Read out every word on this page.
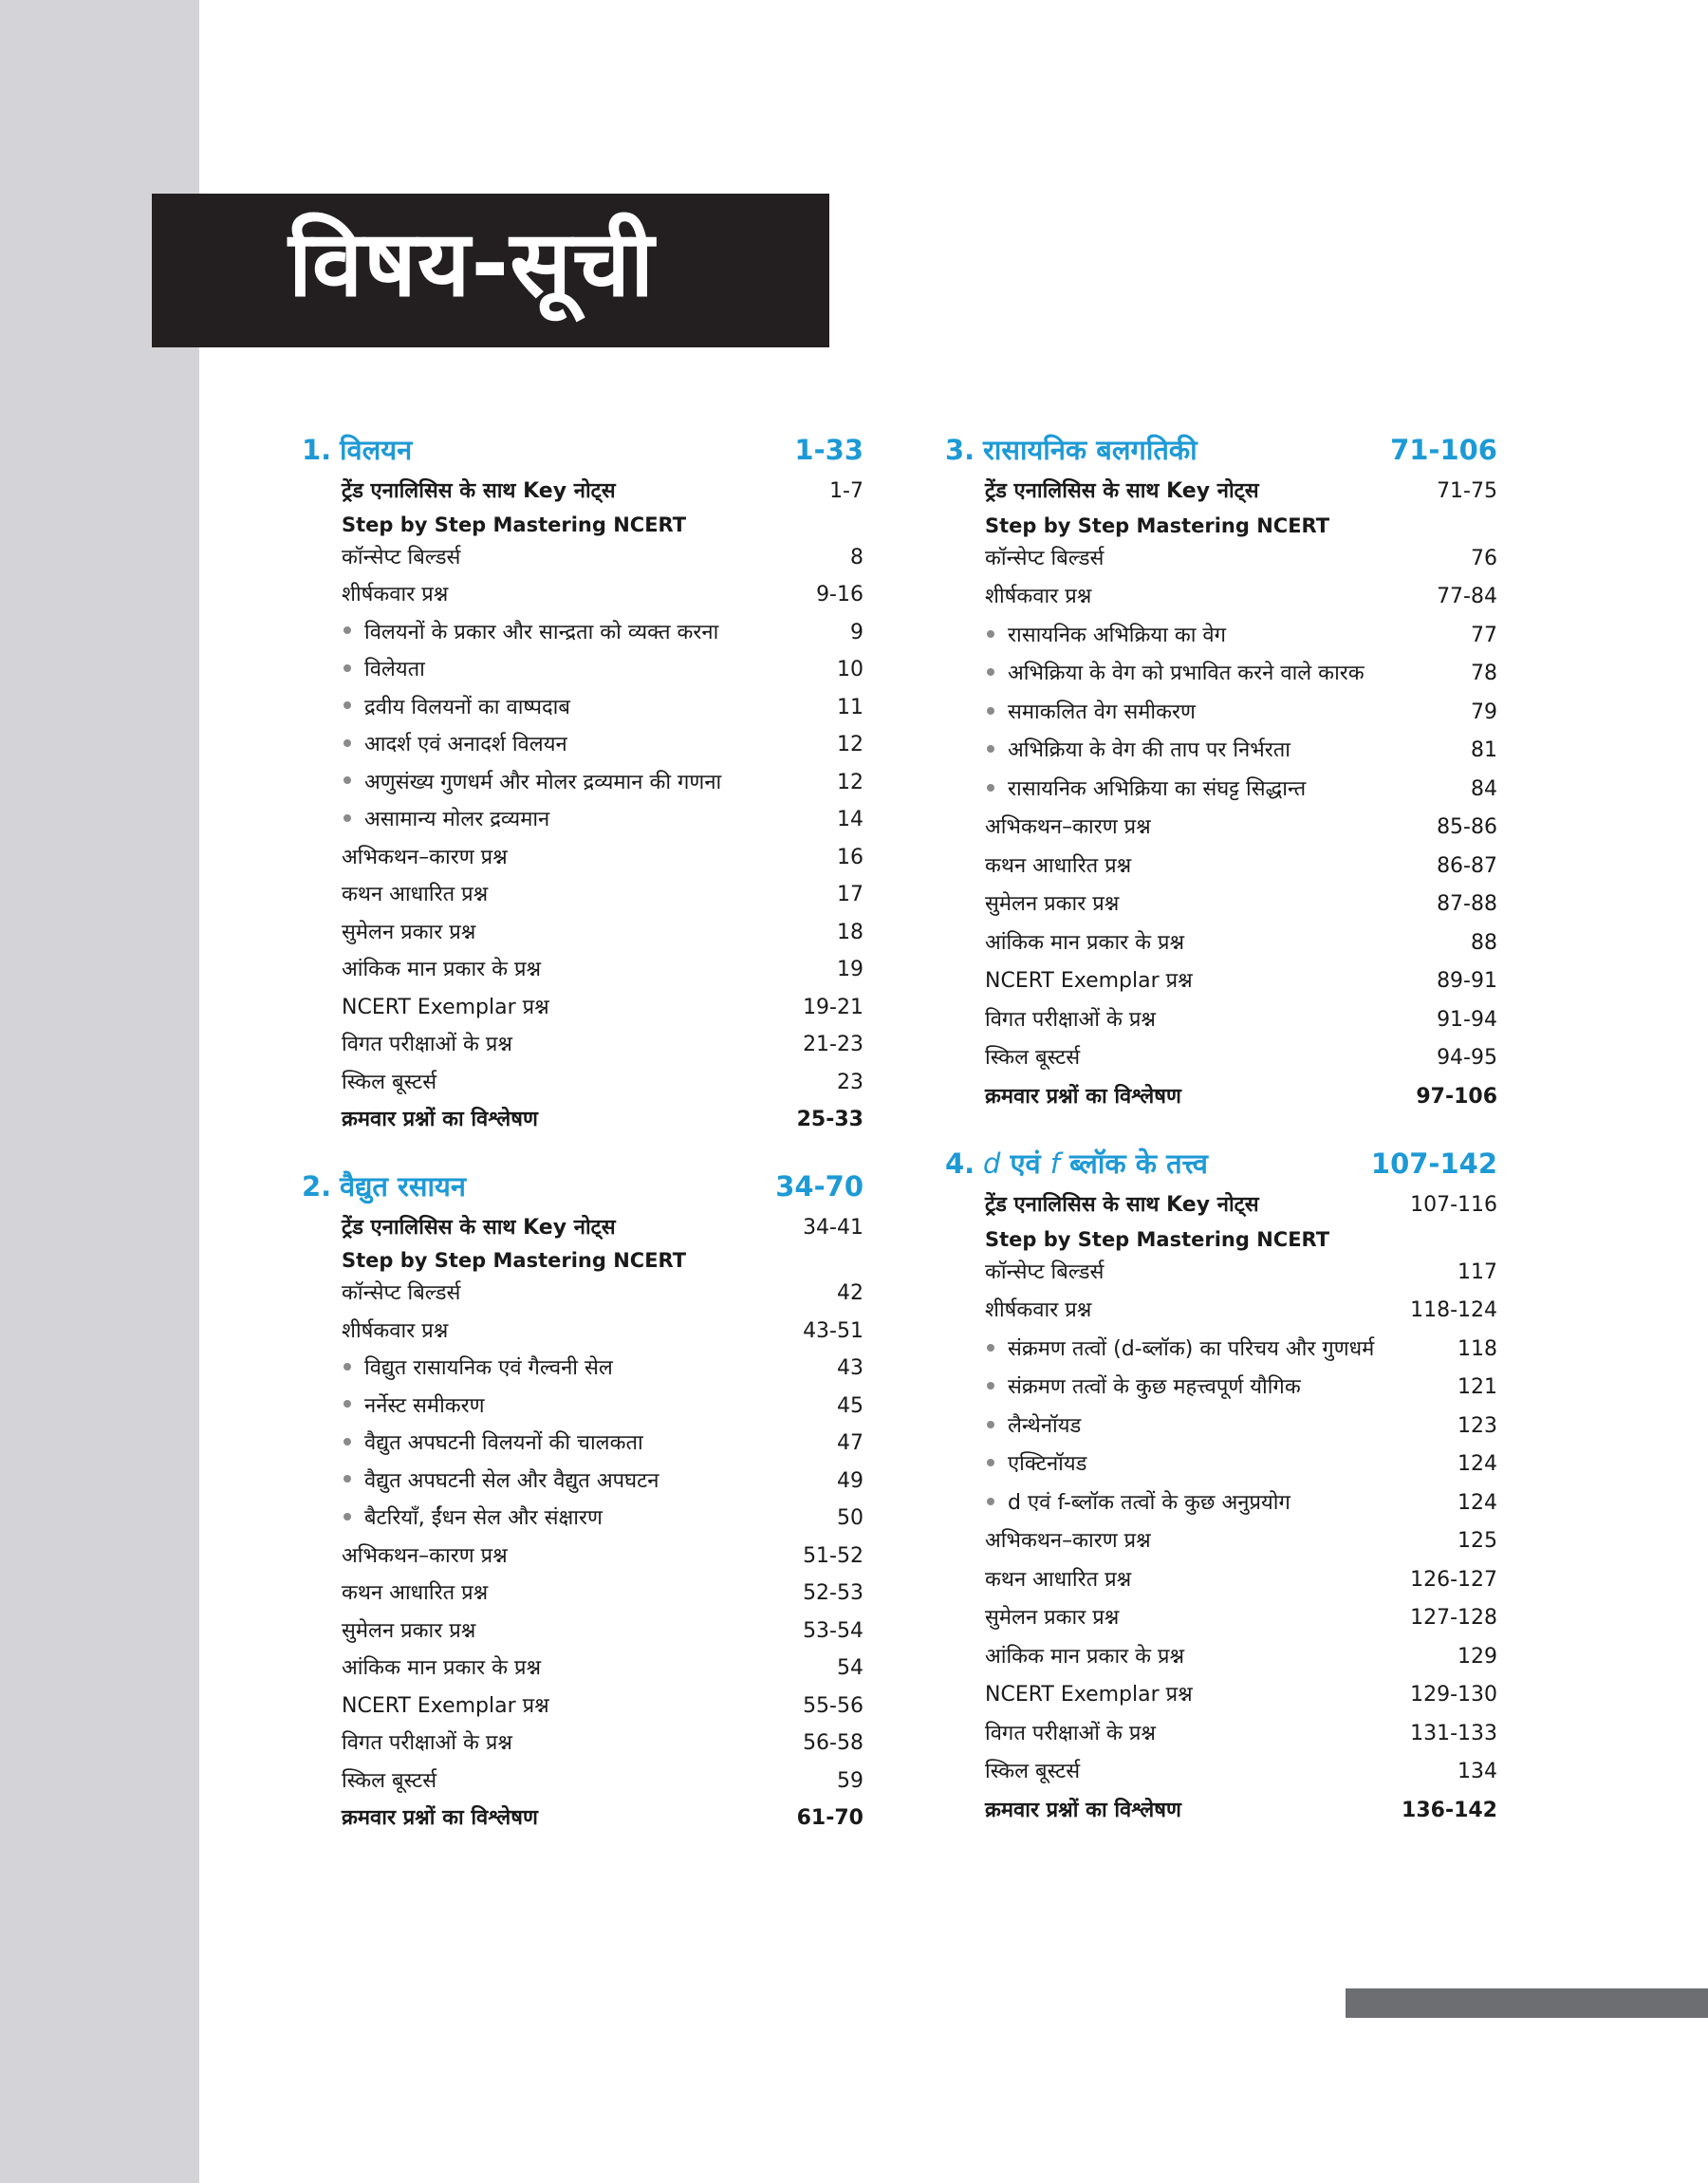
विषय-सूची
1. विलयन	1-33
ट्रेंड एनालिसिस के साथ Key नोट्स	1-7
Step by Step Mastering NCERT
कॉन्सेप्ट बिल्डर्स	8
शीर्षकवार प्रश्न	9-16
विलयनों के प्रकार और सान्द्रता को व्यक्त करना	9
विलेयता	10
द्रवीय विलयनों का वाष्पदाब	11
आदर्श एवं अनादर्श विलयन	12
अणुसंख्य गुणधर्म और मोलर द्रव्यमान की गणना	12
असामान्य मोलर द्रव्यमान	14
अभिकथन–कारण प्रश्न	16
कथन आधारित प्रश्न	17
सुमेलन प्रकार प्रश्न	18
आंकिक मान प्रकार के प्रश्न	19
NCERT Exemplar प्रश्न	19-21
विगत परीक्षाओं के प्रश्न	21-23
स्किल बूस्टर्स	23
क्रमवार प्रश्नों का विश्लेषण	25-33
2. वैद्युत रसायन	34-70
ट्रेंड एनालिसिस के साथ Key नोट्स	34-41
Step by Step Mastering NCERT
कॉन्सेप्ट बिल्डर्स	42
शीर्षकवार प्रश्न	43-51
विद्युत रासायनिक एवं गैल्वनी सेल	43
नर्नेस्ट समीकरण	45
वैद्युत अपघटनी विलयनों की चालकता	47
वैद्युत अपघटनी सेल और वैद्युत अपघटन	49
बैटरियाँ, ईंधन सेल और संक्षारण	50
अभिकथन–कारण प्रश्न	51-52
कथन आधारित प्रश्न	52-53
सुमेलन प्रकार प्रश्न	53-54
आंकिक मान प्रकार के प्रश्न	54
NCERT Exemplar प्रश्न	55-56
विगत परीक्षाओं के प्रश्न	56-58
स्किल बूस्टर्स	59
क्रमवार प्रश्नों का विश्लेषण	61-70
3. रासायनिक बलगतिकी	71-106
ट्रेंड एनालिसिस के साथ Key नोट्स	71-75
Step by Step Mastering NCERT
कॉन्सेप्ट बिल्डर्स	76
शीर्षकवार प्रश्न	77-84
रासायनिक अभिक्रिया का वेग	77
अभिक्रिया के वेग को प्रभावित करने वाले कारक	78
समाकलित वेग समीकरण	79
अभिक्रिया के वेग की ताप पर निर्भरता	81
रासायनिक अभिक्रिया का संघट्ट सिद्धान्त	84
अभिकथन–कारण प्रश्न	85-86
कथन आधारित प्रश्न	86-87
सुमेलन प्रकार प्रश्न	87-88
आंकिक मान प्रकार के प्रश्न	88
NCERT Exemplar प्रश्न	89-91
विगत परीक्षाओं के प्रश्न	91-94
स्किल बूस्टर्स	94-95
क्रमवार प्रश्नों का विश्लेषण	97-106
4. d एवं f ब्लॉक के तत्त्व	107-142
ट्रेंड एनालिसिस के साथ Key नोट्स	107-116
Step by Step Mastering NCERT
कॉन्सेप्ट बिल्डर्स	117
शीर्षकवार प्रश्न	118-124
संक्रमण तत्वों (d-ब्लॉक) का परिचय और गुणधर्म	118
संक्रमण तत्वों के कुछ महत्त्वपूर्ण यौगिक	121
लैन्थेनॉयड	123
एक्टिनॉयड	124
d एवं f-ब्लॉक तत्वों के कुछ अनुप्रयोग	124
अभिकथन–कारण प्रश्न	125
कथन आधारित प्रश्न	126-127
सुमेलन प्रकार प्रश्न	127-128
आंकिक मान प्रकार के प्रश्न	129
NCERT Exemplar प्रश्न	129-130
विगत परीक्षाओं के प्रश्न	131-133
स्किल बूस्टर्स	134
क्रमवार प्रश्नों का विश्लेषण	136-142
